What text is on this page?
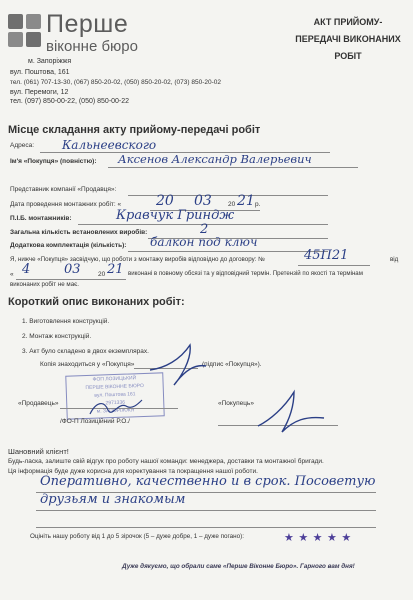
Перше
віконне бюро
м. Запоріжжя
вул. Поштова, 161
тел. (061) 707-13-30, (067) 850-20-02, (050) 850-20-02, (073) 850-20-02
вул. Перемоги, 12
тел. (097) 850-00-22, (050) 850-00-22
АКТ ПРИЙОМУ-ПЕРЕДАЧІ ВИКОНАНИХ РОБІТ
Місце складання акту прийому-передачі робіт
Адреса: Кальнеевского
Ім'я «Покупця» (повністю): Аксенов Александр Валерьевич
Представник компанії «Продавця»:
Дата проведення монтажних робіт: « 20 03 20 21 р.
П.І.Б. монтажників:	Кравчук Гриндж
Загальна кількість встановлених виробів:	2
Додаткова комплектація (кількість): балкон под ключ
Я, нижче «Покупця» засвідчую, що роботи з монтажу виробів відповідно до договору: №	45П21	від
« 4	03	20 21 виконані в повному обсязі та у відповідний термін. Претензій по якості та термінам
виконаних робіт не має.
Короткий опис виконаних робіт:
1. Виготовлення конструкцій.
2. Монтаж конструкцій.
3. Акт було складено в двох екземплярах.
Копія знаходиться у «Покупця»	(підпис «Покупця»).
ФОП ЛОЗИЦЬКИЙ
ПЕРШЕ ВІКОННЕ БЮРО
вул. Поштова 161
2971336
м. ЗАПОРІЖЖЯ
«Продавець»
/ФО-П Лозиційний Р.О./
«Покупець»
Шановний клієнт!
Будь-ласка, залиште свій відгук про роботу нашої команди: менеджера, доставки та монтажної бригади.
Ця інформація буде дуже корисна для коректування та покращення нашої роботи.
Оперативно, качественно и в срок. Посоветую
друзьям и знакомым
Оцініть нашу роботу від 1 до 5 зірочок (5 – дуже добре, 1 – дуже погано):	★ ★ ★ ★ ★
Дуже дякуємо, що обрали саме «Перше Віконне Бюро». Гарного вам дня!
